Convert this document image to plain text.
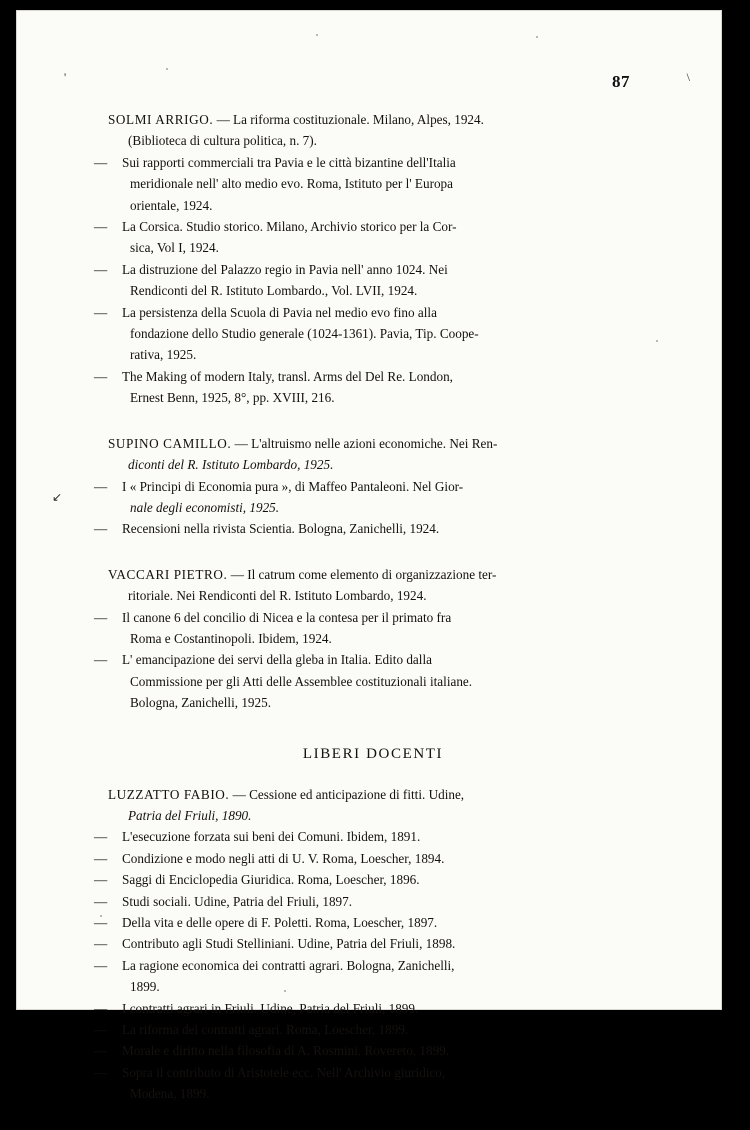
87
'	\
↙
SOLMI ARRIGO. — La riforma costituzionale. Milano, Alpes, 1924.
(Biblioteca di cultura politica, n. 7).
— Sui rapporti commerciali tra Pavia e le città bizantine dell'Italia
meridionale nell' alto medio evo. Roma, Istituto per l' Europa
orientale, 1924.
— La Corsica. Studio storico. Milano, Archivio storico per la Cor-
sica, Vol I, 1924.
— La distruzione del Palazzo regio in Pavia nell' anno 1024. Nei
Rendiconti del R. Istituto Lombardo., Vol. LVII, 1924.
— La persistenza della Scuola di Pavia nel medio evo fino alla
fondazione dello Studio generale (1024-1361). Pavia, Tip. Coope-
rativa, 1925.
— The Making of modern Italy, transl. Arms del Del Re. London,
Ernest Benn, 1925, 8°, pp. XVIII, 216.
SUPINO CAMILLO. — L'altruismo nelle azioni economiche. Nei Ren-
diconti del R. Istituto Lombardo, 1925.
— I « Principi di Economia pura », di Maffeo Pantaleoni. Nel Gior-
nale degli economisti, 1925.
— Recensioni nella rivista Scientia. Bologna, Zanichelli, 1924.
VACCARI PIETRO. — Il catrum come elemento di organizzazione ter-
ritoriale. Nei Rendiconti del R. Istituto Lombardo, 1924.
— Il canone 6 del concilio di Nicea e la contesa per il primato fra
Roma e Costantinopoli. Ibidem, 1924.
— L' emancipazione dei servi della gleba in Italia. Edito dalla
Commissione per gli Atti delle Assemblee costituzionali italiane.
Bologna, Zanichelli, 1925.
LIBERI DOCENTI
LUZZATTO FABIO. — Cessione ed anticipazione di fitti. Udine,
Patria del Friuli, 1890.
— L'esecuzione forzata sui beni dei Comuni. Ibidem, 1891.
— Condizione e modo negli atti di U. V. Roma, Loescher, 1894.
— Saggi di Enciclopedia Giuridica. Roma, Loescher, 1896.
— Studi sociali. Udine, Patria del Friuli, 1897.
— Della vita e delle opere di F. Poletti. Roma, Loescher, 1897.
— Contributo agli Studi Stelliniani. Udine, Patria del Friuli, 1898.
— La ragione economica dei contratti agrari. Bologna, Zanichelli,
1899.
— I contratti agrari in Friuli. Udine, Patria del Friuli, 1899.
— La riforma dei contratti agrari. Roma, Loescher, 1899.
— Morale e diritto nella filosofia di A. Rosmini. Rovereto, 1899.
— Sopra il contributo di Aristotele ecc. Nell' Archivio giuridico,
Modena, 1899.
